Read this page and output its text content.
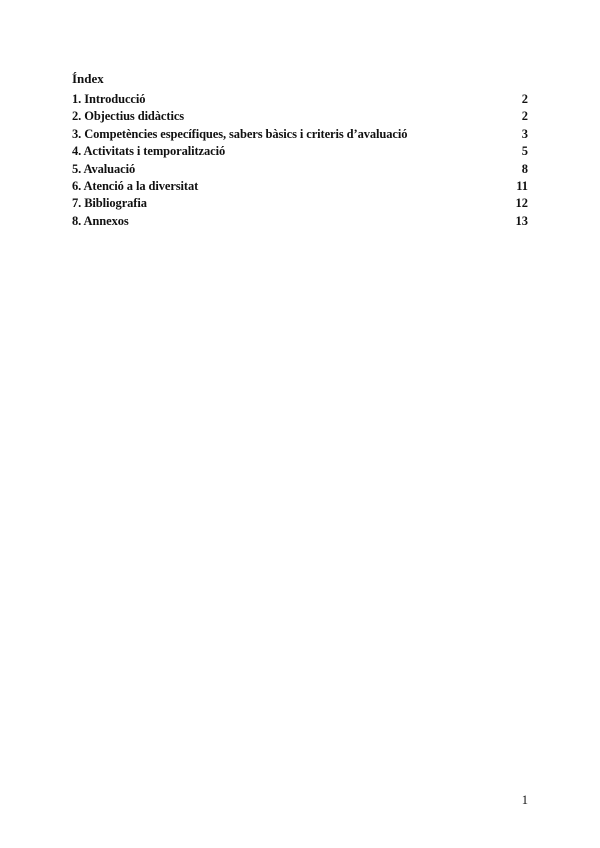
Índex
1. Introducció	2
2. Objectius didàctics	2
3. Competències específiques, sabers bàsics i criteris d’avaluació	3
4. Activitats i temporalització	5
5. Avaluació	8
6. Atenció a la diversitat	11
7. Bibliografia	12
8. Annexos	13
1
